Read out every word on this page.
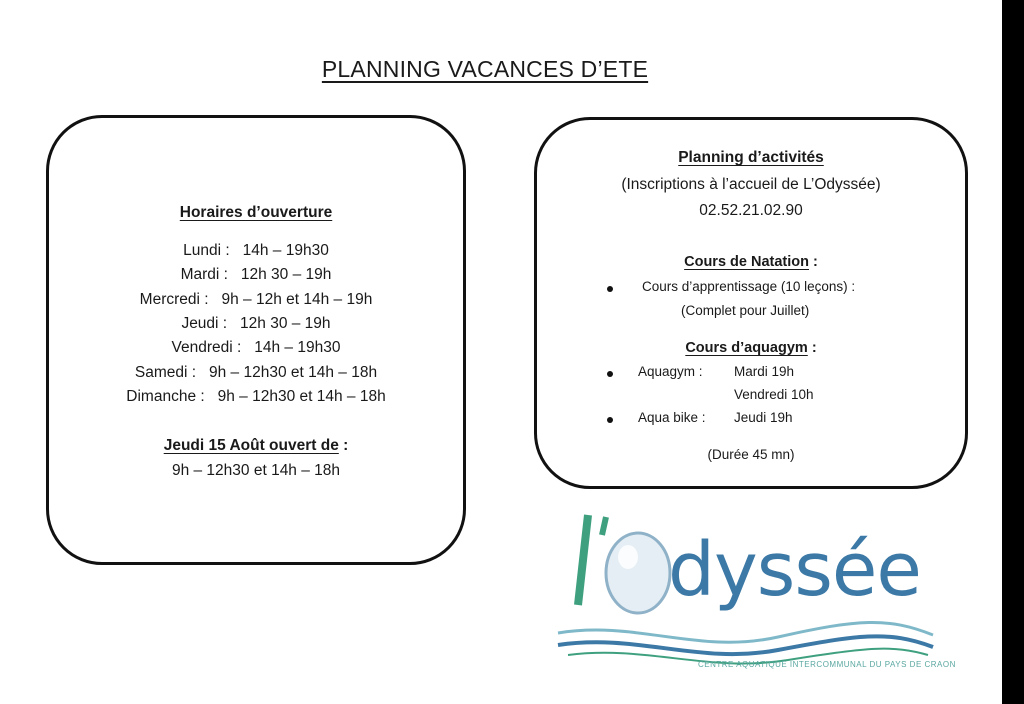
PLANNING VACANCES D’ETE
Horaires d’ouverture
Lundi : 14h – 19h30
Mardi : 12h 30 – 19h
Mercredi : 9h – 12h et 14h – 19h
Jeudi : 12h 30 – 19h
Vendredi : 14h – 19h30
Samedi : 9h – 12h30 et 14h – 18h
Dimanche : 9h – 12h30 et 14h – 18h
Jeudi 15 Août ouvert de :
9h – 12h30 et 14h – 18h
Planning d’activités
(Inscriptions à l’accueil de L’Odyssée)
02.52.21.02.90
Cours de Natation :
Cours d’apprentissage (10 leçons) :
(Complet pour Juillet)
Cours d’aquagym :
Aquagym : Mardi 19h
Vendredi 10h
Aqua bike : Jeudi 19h
(Durée 45 mn)
dyssée
CENTRE AQUATIQUE INTERCOMMUNAL DU PAYS DE CRAON
